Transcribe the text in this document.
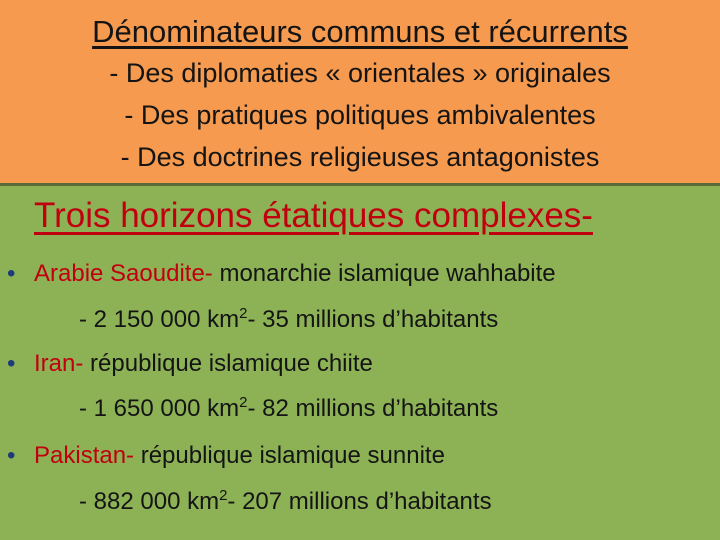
Dénominateurs communs et récurrents

- Des diplomaties « orientales » originales

- Des pratiques politiques ambivalentes

- Des doctrines religieuses antagonistes

Trois horizons étatiques complexes-
• Arabie Saoudite- monarchie islamique wahhabite
- 2 150 000 $km^2-$ 35 millions d’habitants
• Iran- république islamique chiite
- 1 650 000 $km^2-$ 82 millions d’habitants
• Pakistan- république islamique sunnite
- 882 000 $km^2-$ 207 millions d’habitants
